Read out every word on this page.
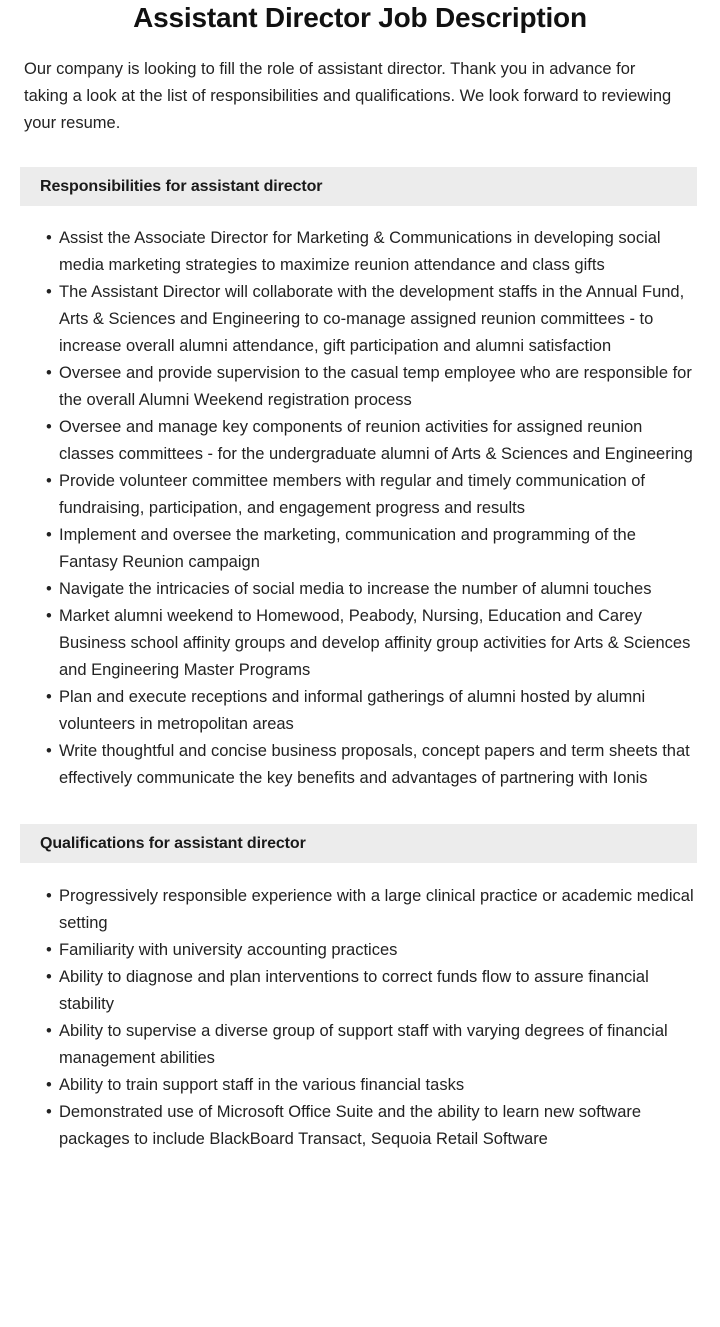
Assistant Director Job Description

Our company is looking to fill the role of assistant director. Thank you in advance for taking a look at the list of responsibilities and qualifications. We look forward to reviewing your resume.

Responsibilities for assistant director
• Assist the Associate Director for Marketing & Communications in developing social media marketing strategies to maximize reunion attendance and class gifts
• The Assistant Director will collaborate with the development staffs in the Annual Fund, Arts & Sciences and Engineering to co-manage assigned reunion committees - to increase overall alumni attendance, gift participation and alumni satisfaction
• Oversee and provide supervision to the casual temp employee who are responsible for the overall Alumni Weekend registration process
• Oversee and manage key components of reunion activities for assigned reunion classes committees - for the undergraduate alumni of Arts & Sciences and Engineering
• Provide volunteer committee members with regular and timely communication of fundraising, participation, and engagement progress and results
• Implement and oversee the marketing, communication and programming of the Fantasy Reunion campaign
• Navigate the intricacies of social media to increase the number of alumni touches
• Market alumni weekend to Homewood, Peabody, Nursing, Education and Carey Business school affinity groups and develop affinity group activities for Arts & Sciences and Engineering Master Programs
• Plan and execute receptions and informal gatherings of alumni hosted by alumni volunteers in metropolitan areas
• Write thoughtful and concise business proposals, concept papers and term sheets that effectively communicate the key benefits and advantages of partnering with Ionis
Qualifications for assistant director
• Progressively responsible experience with a large clinical practice or academic medical setting
• Familiarity with university accounting practices
• Ability to diagnose and plan interventions to correct funds flow to assure financial stability
• Ability to supervise a diverse group of support staff with varying degrees of financial management abilities
• Ability to train support staff in the various financial tasks
• Demonstrated use of Microsoft Office Suite and the ability to learn new software packages to include BlackBoard Transact, Sequoia Retail Software
